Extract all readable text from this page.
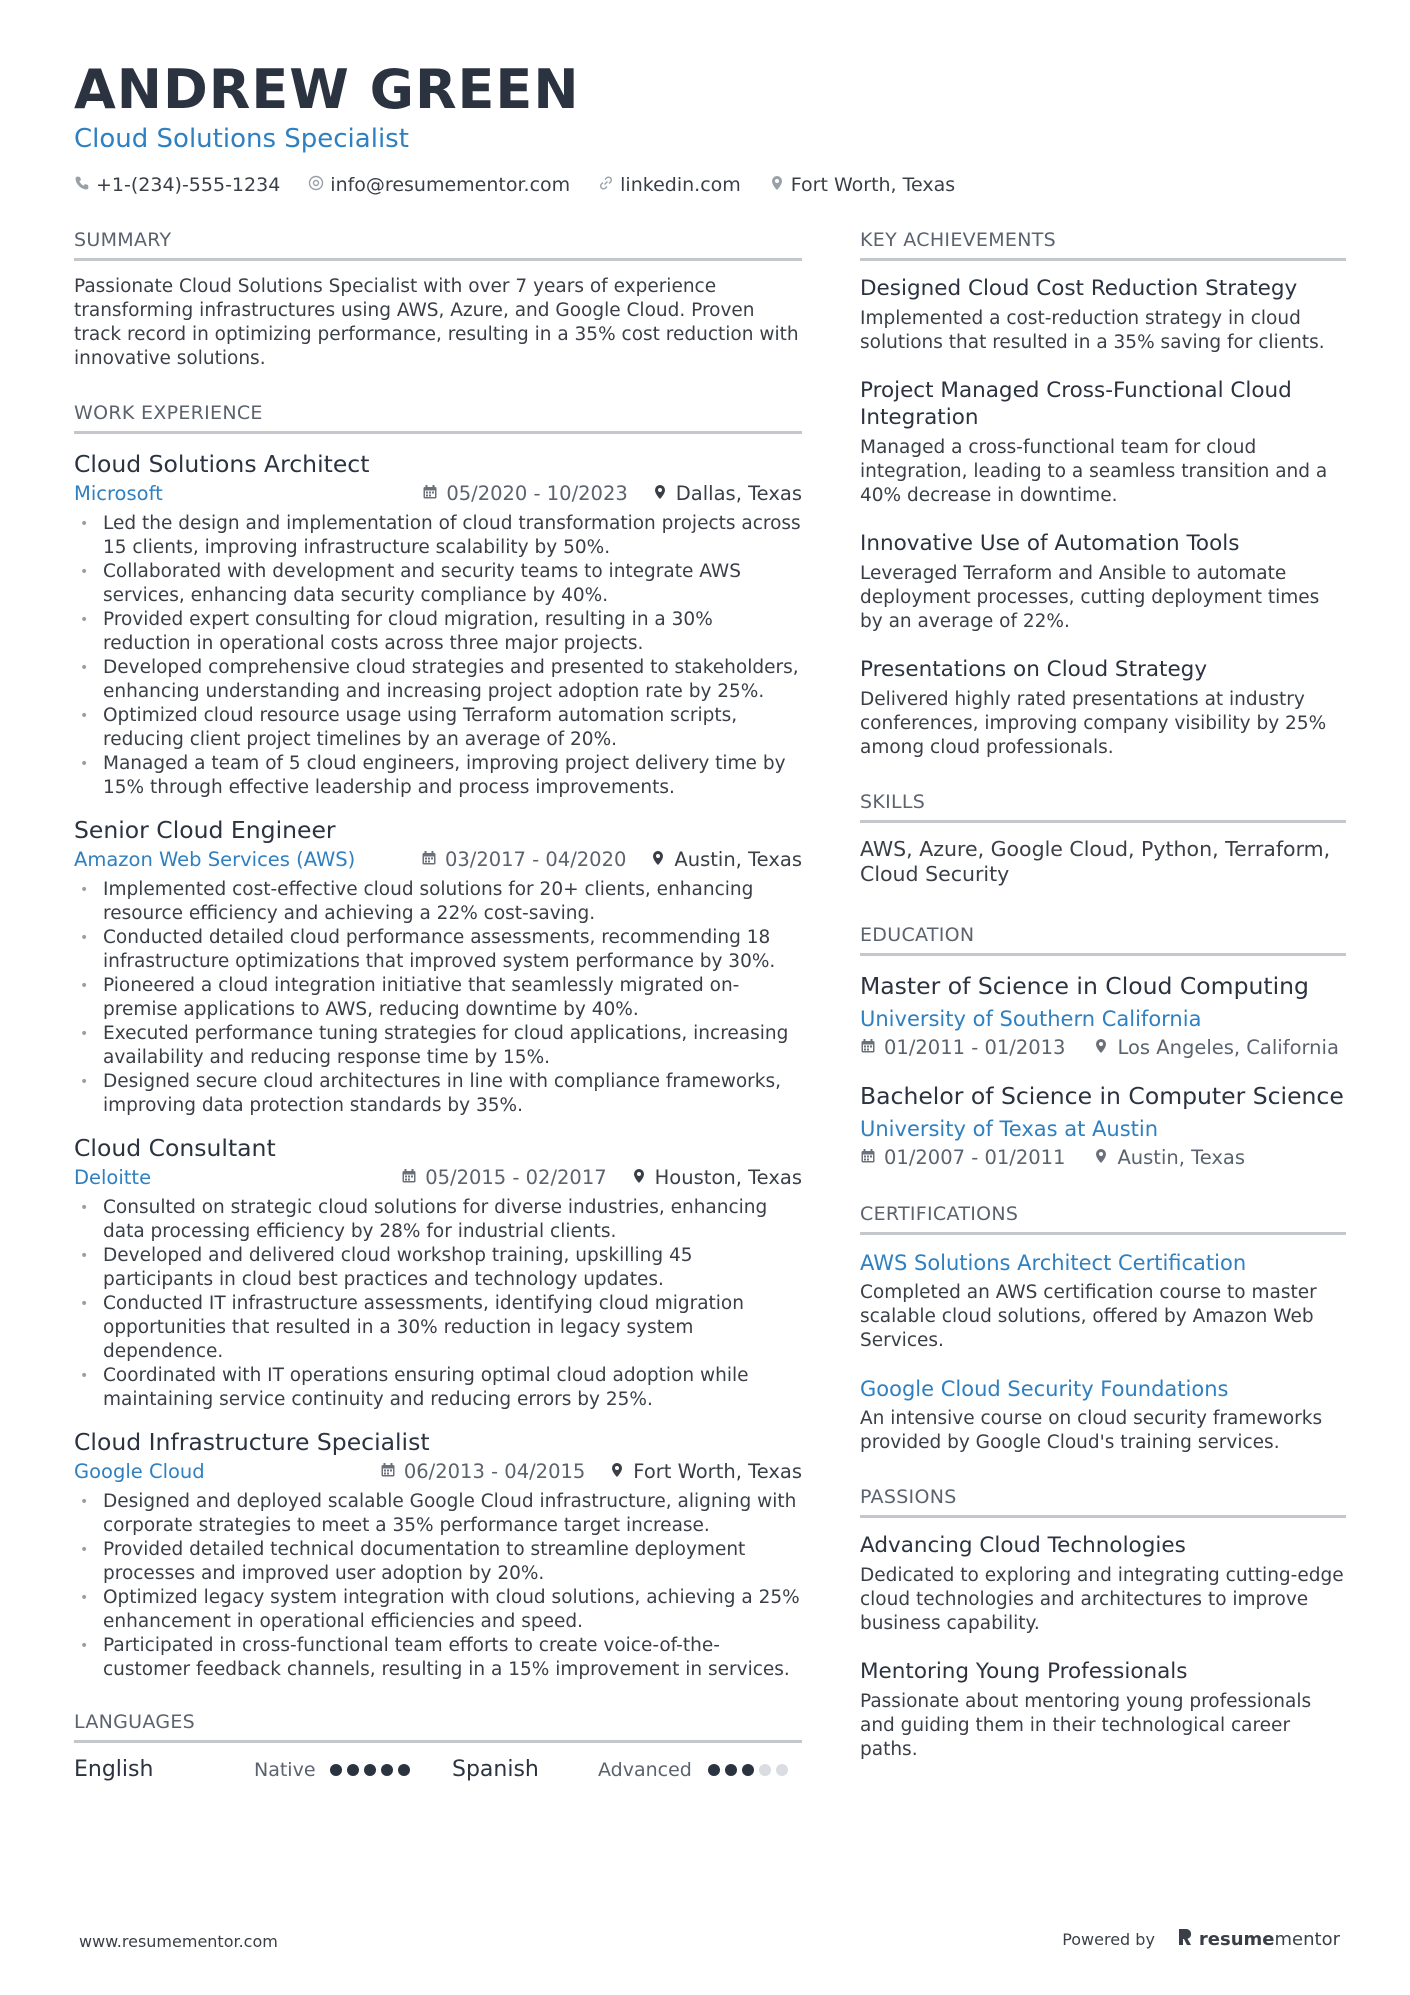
ANDREW GREEN
Cloud Solutions Specialist
+1-(234)-555-1234	info@resumementor.com	linkedin.com	Fort Worth, Texas
SUMMARY

Passionate Cloud Solutions Specialist with over 7 years of experience transforming infrastructures using AWS, Azure, and Google Cloud. Proven track record in optimizing performance, resulting in a 35% cost reduction with innovative solutions.

WORK EXPERIENCE
Cloud Solutions Architect
Microsoft	05/2020 - 10/2023 Dallas, Texas
• Led the design and implementation of cloud transformation projects across 15 clients, improving infrastructure scalability by 50%.
• Collaborated with development and security teams to integrate AWS services, enhancing data security compliance by 40%.
• Provided expert consulting for cloud migration, resulting in a 30% reduction in operational costs across three major projects.
• Developed comprehensive cloud strategies and presented to stakeholders, enhancing understanding and increasing project adoption rate by 25%.
• Optimized cloud resource usage using Terraform automation scripts, reducing client project timelines by an average of 20%.
• Managed a team of 5 cloud engineers, improving project delivery time by 15% through effective leadership and process improvements.
Senior Cloud Engineer
Amazon Web Services (AWS)	03/2017 - 04/2020 Austin, Texas
• Implemented cost-effective cloud solutions for 20+ clients, enhancing resource efficiency and achieving a 22% cost-saving.
• Conducted detailed cloud performance assessments, recommending 18 infrastructure optimizations that improved system performance by 30%.
• Pioneered a cloud integration initiative that seamlessly migrated on-premise applications to AWS, reducing downtime by 40%.
• Executed performance tuning strategies for cloud applications, increasing availability and reducing response time by 15%.
• Designed secure cloud architectures in line with compliance frameworks, improving data protection standards by 35%.
Cloud Consultant
Deloitte	05/2015 - 02/2017 Houston, Texas
• Consulted on strategic cloud solutions for diverse industries, enhancing data processing efficiency by 28% for industrial clients.
• Developed and delivered cloud workshop training, upskilling 45 participants in cloud best practices and technology updates.
• Conducted IT infrastructure assessments, identifying cloud migration opportunities that resulted in a 30% reduction in legacy system dependence.
• Coordinated with IT operations ensuring optimal cloud adoption while maintaining service continuity and reducing errors by 25%.
Cloud Infrastructure Specialist
Google Cloud	06/2013 - 04/2015 Fort Worth, Texas
• Designed and deployed scalable Google Cloud infrastructure, aligning with corporate strategies to meet a 35% performance target increase.
• Provided detailed technical documentation to streamline deployment processes and improved user adoption by 20%.
• Optimized legacy system integration with cloud solutions, achieving a 25% enhancement in operational efficiencies and speed.
• Participated in cross-functional team efforts to create voice-of-the-customer feedback channels, resulting in a 15% improvement in services.
LANGUAGES
English	Native	Spanish	Advanced
KEY ACHIEVEMENTS
Designed Cloud Cost Reduction Strategy
Implemented a cost-reduction strategy in cloud solutions that resulted in a 35% saving for clients.
Project Managed Cross-Functional Cloud Integration
Managed a cross-functional team for cloud integration, leading to a seamless transition and a 40% decrease in downtime.
Innovative Use of Automation Tools
Leveraged Terraform and Ansible to automate deployment processes, cutting deployment times by an average of 22%.
Presentations on Cloud Strategy
Delivered highly rated presentations at industry conferences, improving company visibility by 25% among cloud professionals.
SKILLS
AWS, Azure, Google Cloud, Python, Terraform, Cloud Security
EDUCATION
Master of Science in Cloud Computing
University of Southern California
01/2011 - 01/2013	Los Angeles, California
Bachelor of Science in Computer Science
University of Texas at Austin
01/2007 - 01/2011	Austin, Texas
CERTIFICATIONS
AWS Solutions Architect Certification
Completed an AWS certification course to master scalable cloud solutions, offered by Amazon Web Services.
Google Cloud Security Foundations
An intensive course on cloud security frameworks provided by Google Cloud's training services.
PASSIONS
Advancing Cloud Technologies
Dedicated to exploring and integrating cutting-edge cloud technologies and architectures to improve business capability.
Mentoring Young Professionals
Passionate about mentoring young professionals and guiding them in their technological career paths.
www.resumementor.com	Powered by resumementor
